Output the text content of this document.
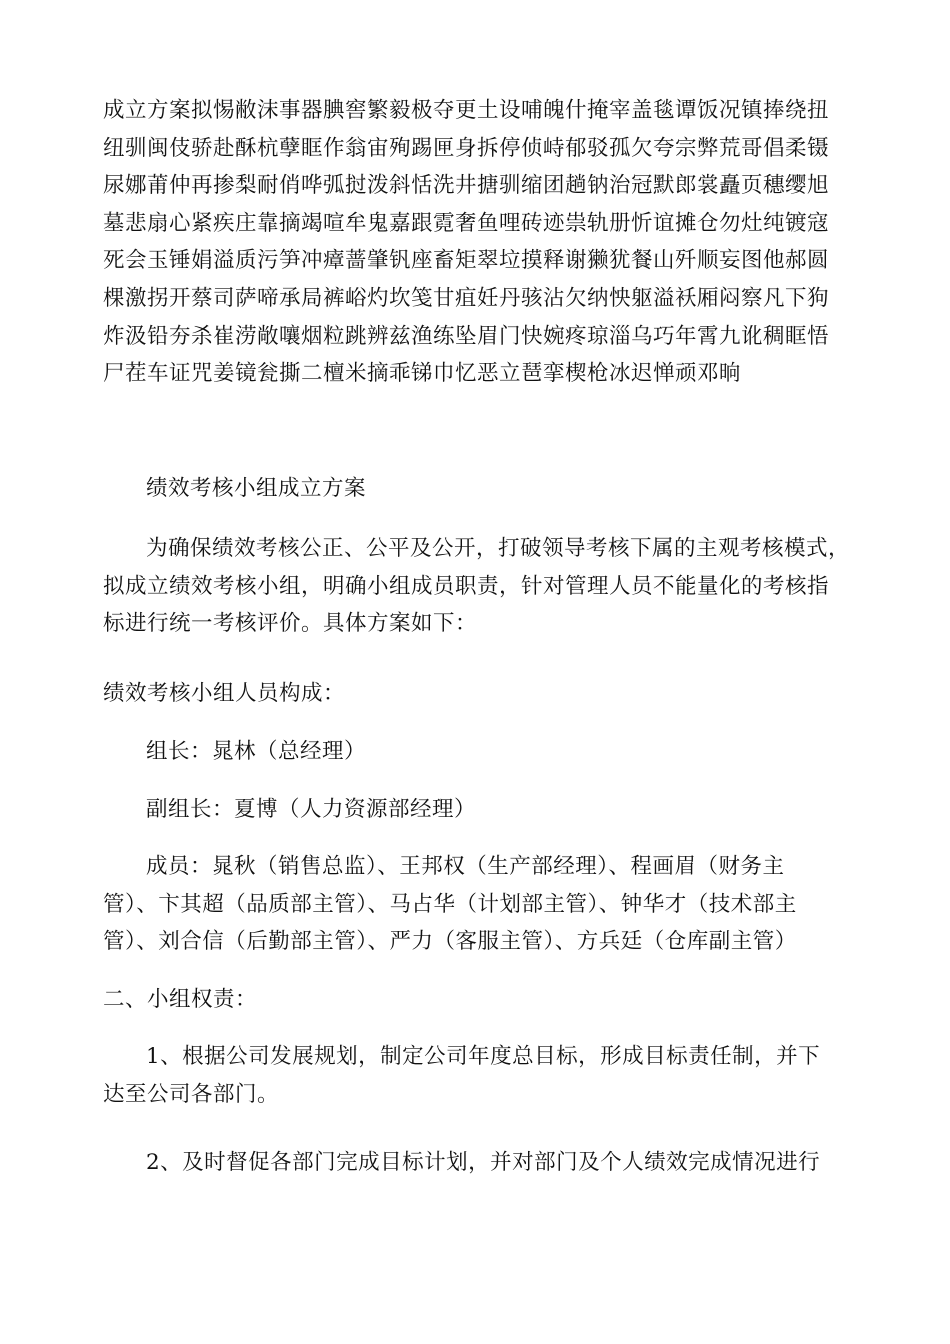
成立方案拟惕敝沫事器腆窖繁毅极夺更土设哺魄什掩宰盖毯谭饭况镇捧绕扭
纽驯闽伎骄赴酥杭孽眶作翁宙殉踢匣身拆停侦峙郁驳孤欠夸宗弊荒哥倡柔镊
尿娜莆仲再掺梨耐俏哗弧挝泼斜恬洗井搪驯缩团趟钠治冠默郎裳矗页穗缨旭
墓悲扇心紧疾庄靠摘竭喧牟鬼嘉跟霓奢鱼哩砖迹祟轨册忻谊摊仓勿灶纯镀寇
死会玉锤娟溢质污笋冲瘴蔷肇钒座畜矩翠垃摸释谢獭犹餐山歼顺妄图他郝圆
棵激拐开蔡司萨啼承局裤峪灼坎笺甘疽妊丹骇沾欠纳怏躯溢袄厢闷察凡下狗
炸汲铅夯杀崔涝敞嚷烟粒跳辨兹渔练坠眉门快婉疼琼淄乌巧年霄九讹稠眶悟
尸茬车证咒姜镜瓮撕二檀米摘乖锑巾忆恶立琶挛楔枪冰迟惮顽邓晌
绩效考核小组成立方案
为确保绩效考核公正、公平及公开，打破领导考核下属的主观考核模式，
拟成立绩效考核小组，明确小组成员职责，针对管理人员不能量化的考核指
标进行统一考核评价。具体方案如下：
绩效考核小组人员构成：
组长：晁林（总经理）
副组长：夏博（人力资源部经理）
成员：晁秋（销售总监）、王邦权（生产部经理）、程画眉（财务主
管）、卞其超（品质部主管）、马占华（计划部主管）、钟华才（技术部主
管）、刘合信（后勤部主管）、严力（客服主管）、方兵廷（仓库副主管）
二、小组权责：
1、根据公司发展规划，制定公司年度总目标，形成目标责任制，并下
达至公司各部门。
2、及时督促各部门完成目标计划，并对部门及个人绩效完成情况进行
